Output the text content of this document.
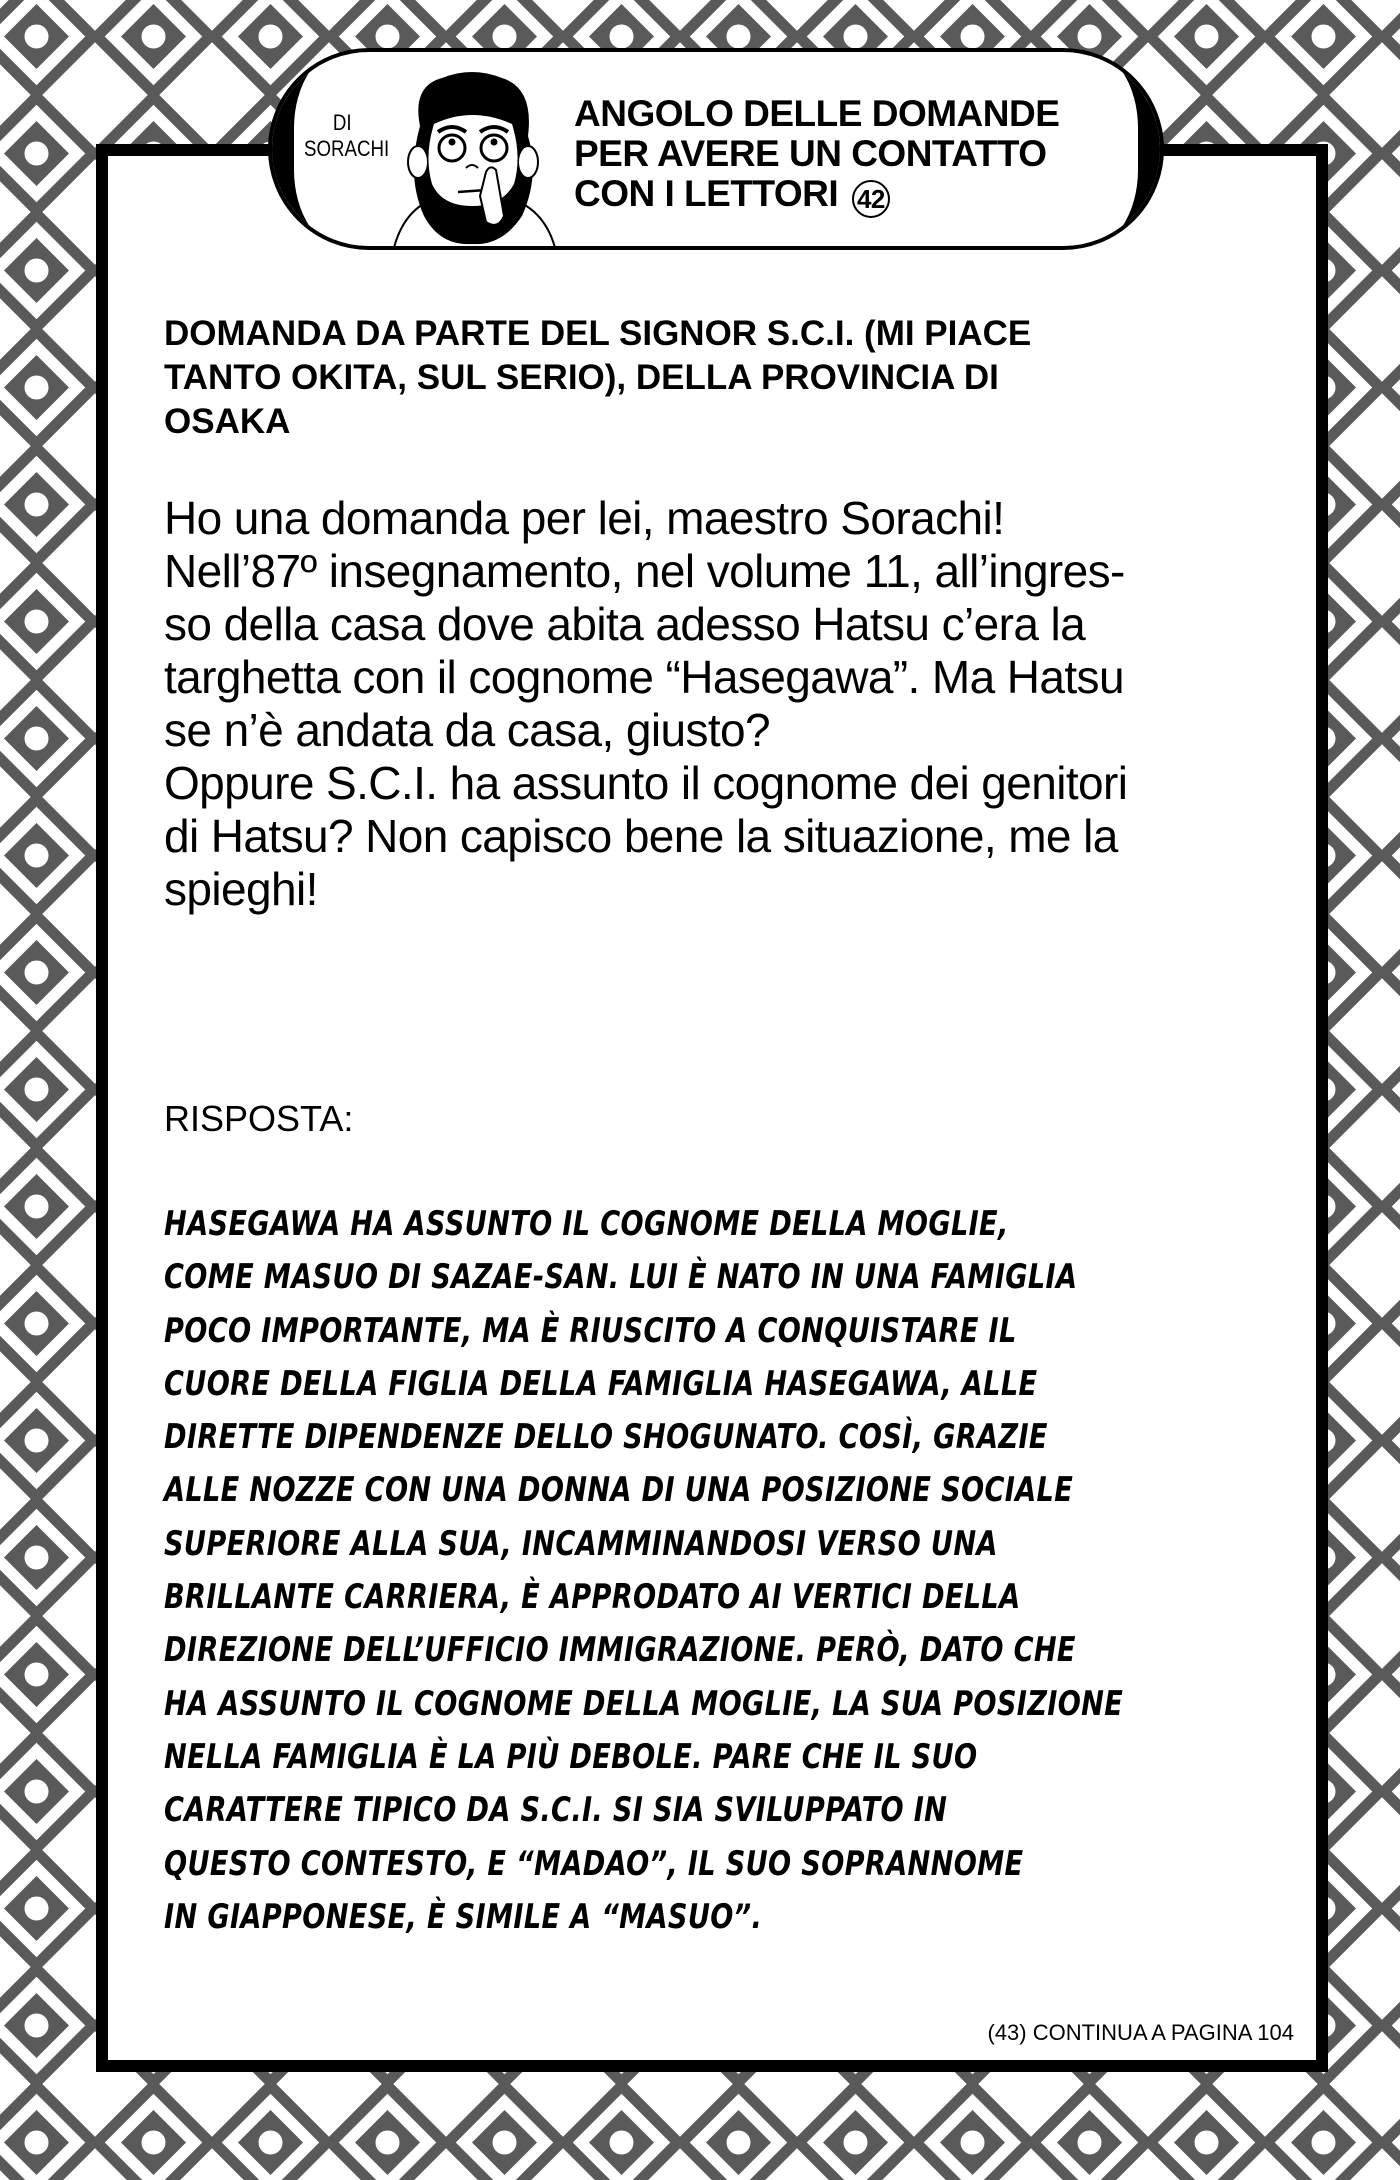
DI
SORACHI
ANGOLO DELLE DOMANDE
PER AVERE UN CONTATTO
CON I LETTORI 42
DOMANDA DA PARTE DEL SIGNOR S.C.I. (MI PIACE
TANTO OKITA, SUL SERIO), DELLA PROVINCIA DI
OSAKA
Ho una domanda per lei, maestro Sorachi!
Nell’87º insegnamento, nel volume 11, all’ingres-
so della casa dove abita adesso Hatsu c’era la
targhetta con il cognome “Hasegawa”. Ma Hatsu
se n’è andata da casa, giusto?
Oppure S.C.I. ha assunto il cognome dei genitori
di Hatsu? Non capisco bene la situazione, me la
spieghi!
RISPOSTA:
HASEGAWA HA ASSUNTO IL COGNOME DELLA MOGLIE,
COME MASUO DI SAZAE-SAN. LUI È NATO IN UNA FAMIGLIA
POCO IMPORTANTE, MA È RIUSCITO A CONQUISTARE IL
CUORE DELLA FIGLIA DELLA FAMIGLIA HASEGAWA, ALLE
DIRETTE DIPENDENZE DELLO SHOGUNATO. COSÌ, GRAZIE
ALLE NOZZE CON UNA DONNA DI UNA POSIZIONE SOCIALE
SUPERIORE ALLA SUA, INCAMMINANDOSI VERSO UNA
BRILLANTE CARRIERA, È APPRODATO AI VERTICI DELLA
DIREZIONE DELL’UFFICIO IMMIGRAZIONE. PERÒ, DATO CHE
HA ASSUNTO IL COGNOME DELLA MOGLIE, LA SUA POSIZIONE
NELLA FAMIGLIA È LA PIÙ DEBOLE. PARE CHE IL SUO
CARATTERE TIPICO DA S.C.I. SI SIA SVILUPPATO IN
QUESTO CONTESTO, E “MADAO”, IL SUO SOPRANNOME
IN GIAPPONESE, È SIMILE A “MASUO”.
(43) CONTINUA A PAGINA 104
